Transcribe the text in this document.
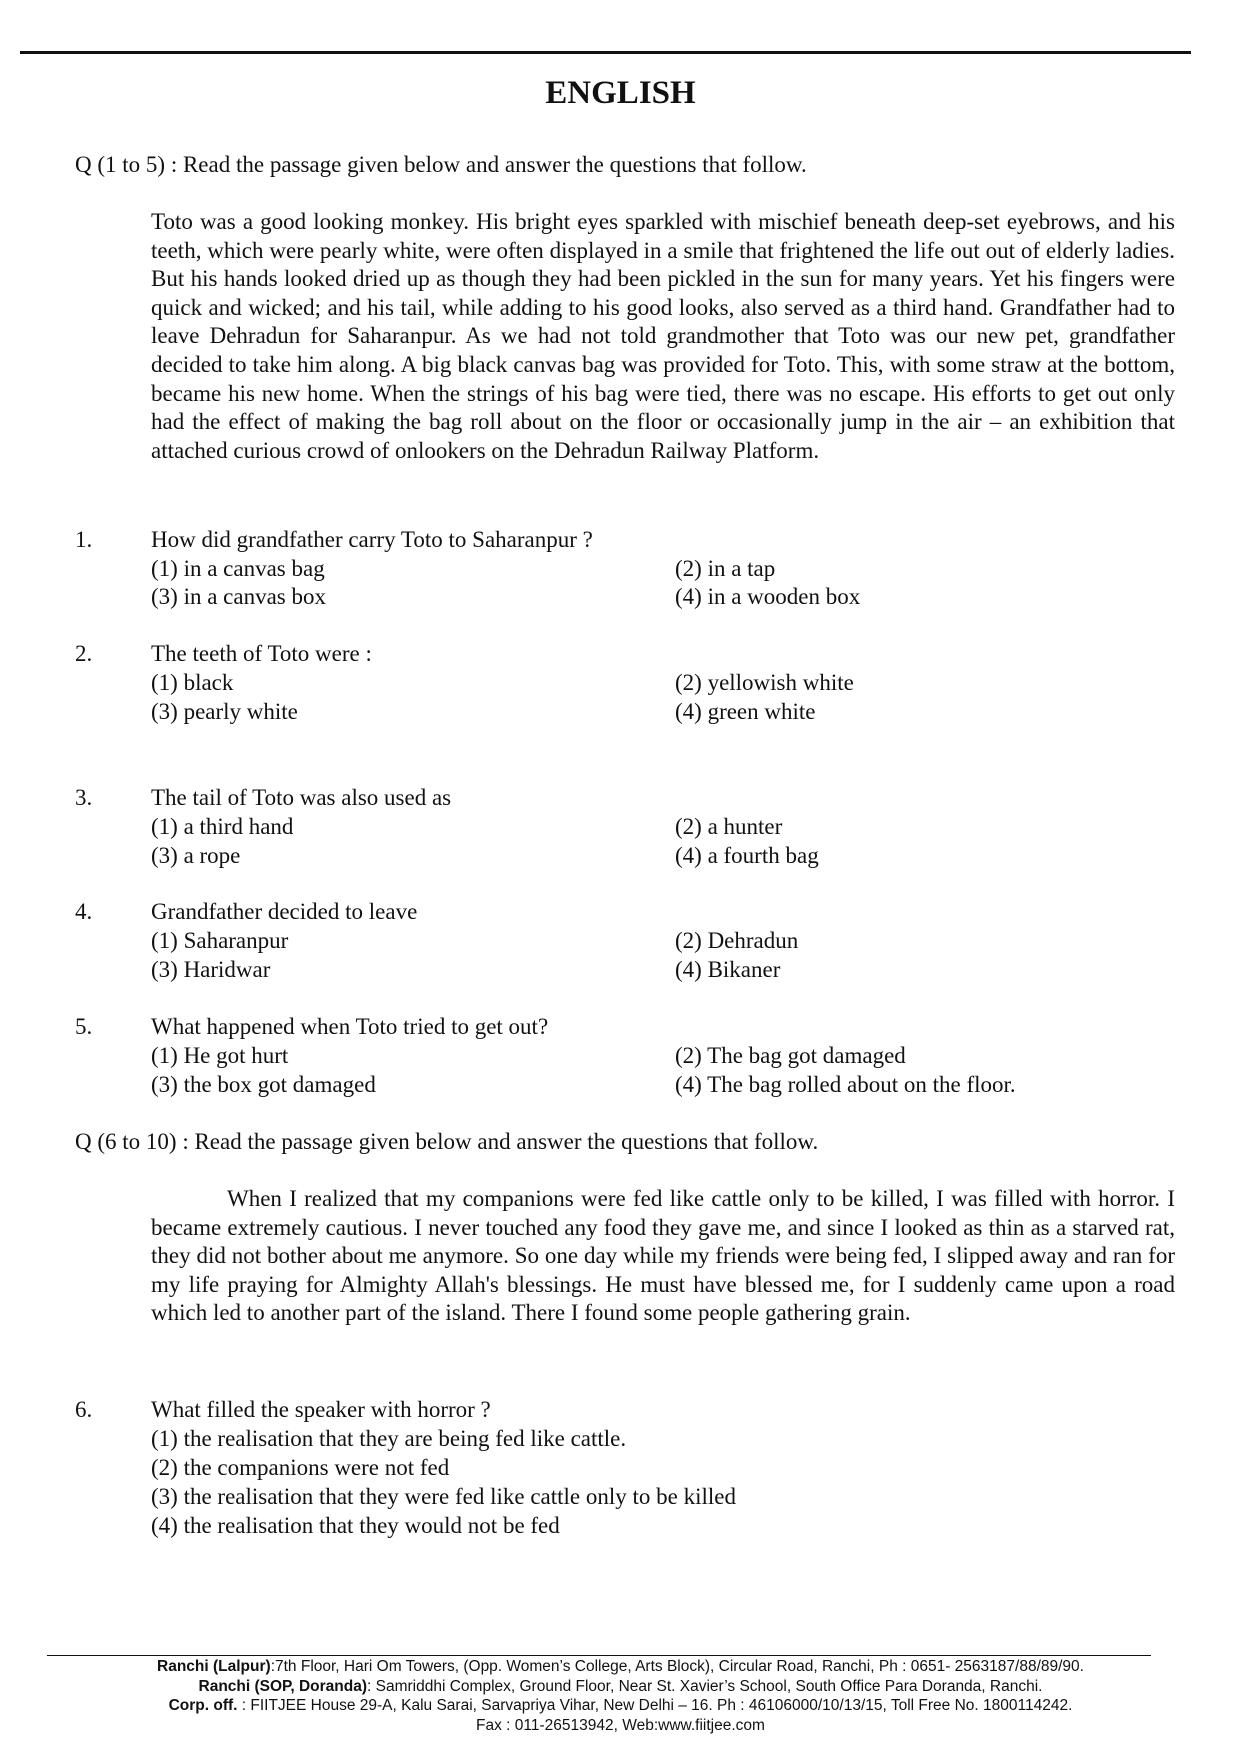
ENGLISH
Q (1 to 5) : Read the passage given below and answer the questions that follow.
Toto was a good looking monkey. His bright eyes sparkled with mischief beneath deep-set eyebrows, and his teeth, which were pearly white, were often displayed in a smile that frightened the life out out of elderly ladies. But his hands looked dried up as though they had been pickled in the sun for many years. Yet his fingers were quick and wicked; and his tail, while adding to his good looks, also served as a third hand. Grandfather had to leave Dehradun for Saharanpur. As we had not told grandmother that Toto was our new pet, grandfather decided to take him along. A big black canvas bag was provided for Toto. This, with some straw at the bottom, became his new home. When the strings of his bag were tied, there was no escape. His efforts to get out only had the effect of making the bag roll about on the floor or occasionally jump in the air – an exhibition that attached curious crowd of onlookers on the Dehradun Railway Platform.
1.	How did grandfather carry Toto to Saharanpur ?
(1) in a canvas bag	(2) in a tap
(3) in a canvas box	(4) in a wooden box
2.	The teeth of Toto were :
(1) black	(2) yellowish white
(3) pearly white	(4) green white
3.	The tail of Toto was also used as
(1) a third hand	(2) a hunter
(3) a rope	(4) a fourth bag
4.	Grandfather decided to leave
(1) Saharanpur	(2) Dehradun
(3) Haridwar	(4) Bikaner
5.	What happened when Toto tried to get out?
(1) He got hurt	(2) The bag got damaged
(3) the box got damaged	(4) The bag rolled about on the floor.
Q (6 to 10) : Read the passage given below and answer the questions that follow.
When I realized that my companions were fed like cattle only to be killed, I was filled with horror. I became extremely cautious. I never touched any food they gave me, and since I looked as thin as a starved rat, they did not bother about me anymore. So one day while my friends were being fed, I slipped away and ran for my life praying for Almighty Allah's blessings. He must have blessed me, for I suddenly came upon a road which led to another part of the island. There I found some people gathering grain.
6.	What filled the speaker with horror ?
(1) the realisation that they are being fed like cattle.
(2) the companions were not fed
(3) the realisation that they were fed like cattle only to be killed
(4) the realisation that they would not be fed
Ranchi (Lalpur):7th Floor, Hari Om Towers, (Opp. Women’s College, Arts Block), Circular Road, Ranchi, Ph : 0651- 2563187/88/89/90.
Ranchi (SOP, Doranda): Samriddhi Complex, Ground Floor, Near St. Xavier’s School, South Office Para Doranda, Ranchi.
Corp. off. : FIITJEE House 29-A, Kalu Sarai, Sarvapriya Vihar, New Delhi – 16. Ph : 46106000/10/13/15, Toll Free No. 1800114242.
Fax : 011-26513942, Web:www.fiitjee.com
